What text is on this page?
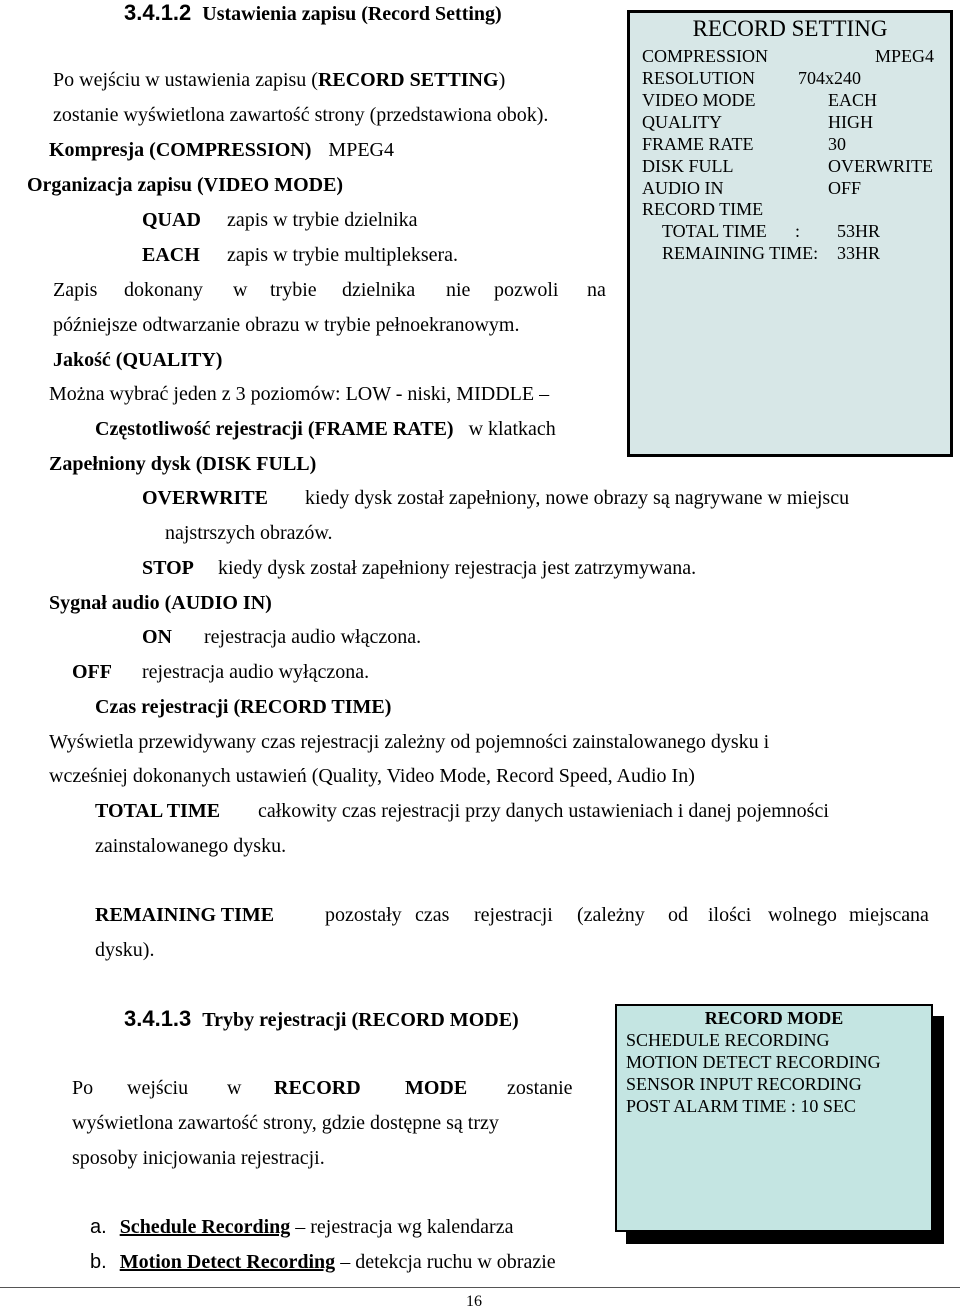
3.4.1.2 Ustawienia zapisu (Record Setting)
Po wejściu w ustawienia zapisu (RECORD SETTING)
zostanie wyświetlona zawartość strony (przedstawiona obok).
Kompresja (COMPRESSION) MPEG4
Organizacja zapisu (VIDEO MODE)
QUAD zapis w trybie dzielnika
EACH zapis w trybie multipleksera.
Zapis dokonany w trybie dzielnika nie pozwoli na
późniejsze odtwarzanie obrazu w trybie pełnoekranowym.
Jakość (QUALITY)
Można wybrać jeden z 3 poziomów: LOW - niski, MIDDLE –
Częstotliwość rejestracji (FRAME RATE) w klatkach
Zapełniony dysk (DISK FULL)
OVERWRITE kiedy dysk został zapełniony, nowe obrazy są nagrywane w miejscu
najstrszych obrazów.
STOP kiedy dysk został zapełniony rejestracja jest zatrzymywana.
Sygnał audio (AUDIO IN)
ON rejestracja audio włączona.
OFF rejestracja audio wyłączona.
Czas rejestracji (RECORD TIME)
Wyświetla przewidywany czas rejestracji zależny od pojemności zainstalowanego dysku i
wcześniej dokonanych ustawień (Quality, Video Mode, Record Speed, Audio In)
TOTAL TIME całkowity czas rejestracji przy danych ustawieniach i danej pojemności
zainstalowanego dysku.
REMAINING TIME	pozostały czas rejestracji (zależny od ilości wolnego miejsca na
dysku).
RECORD SETTING
COMPRESSION	MPEG4
RESOLUTION 704x240
VIDEO MODE	EACH
QUALITY	HIGH
FRAME RATE	30
DISK FULL	OVERWRITE
AUDIO IN	OFF
RECORD TIME
TOTAL TIME : 53HR
REMAINING TIME: 33HR
3.4.1.3 Tryby rejestracji (RECORD MODE)
Po wejściu w RECORD MODE zostanie
wyświetlona zawartość strony, gdzie dostępne są trzy
sposoby inicjowania rejestracji.
a. Schedule Recording – rejestracja wg kalendarza
b. Motion Detect Recording – detekcja ruchu w obrazie
RECORD MODE
SCHEDULE RECORDING
MOTION DETECT RECORDING
SENSOR INPUT RECORDING
POST ALARM TIME : 10 SEC
16
